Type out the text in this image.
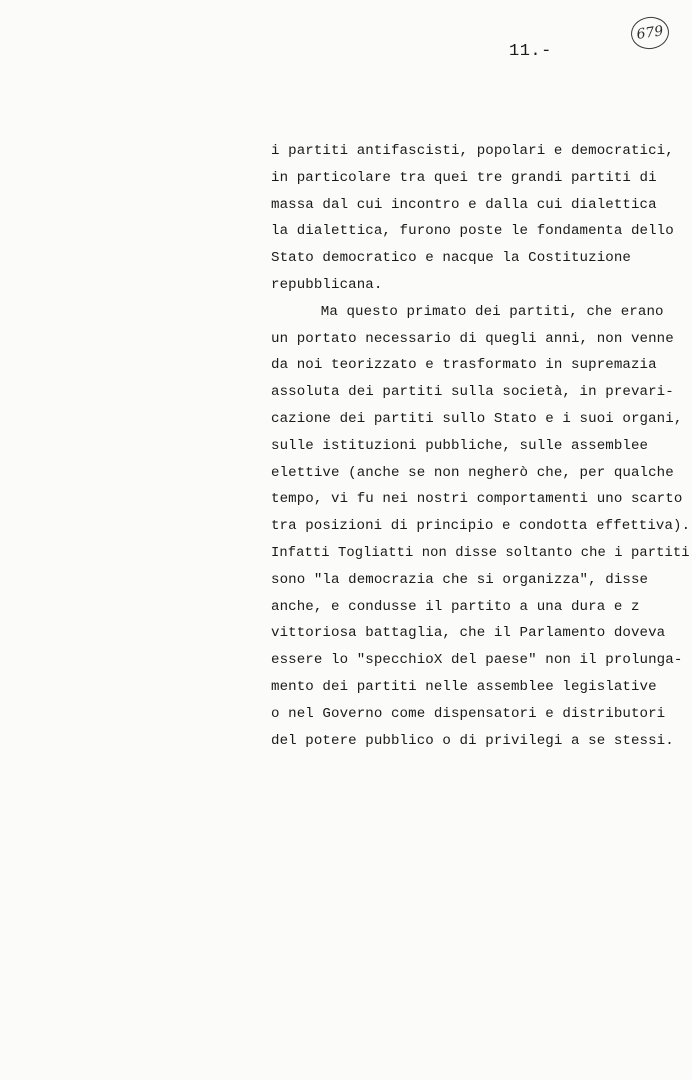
679
11.-
i partiti antifascisti, popolari e democratici,
in particolare tra quei tre grandi partiti di
massa dal cui incontro e dalla cui dialettica
la dialettica, furono poste le fondamenta dello
Stato democratico e nacque la Costituzione
repubblicana.
Ma questo primato dei partiti, che erano
un portato necessario di quegli anni, non venne
da noi teorizzato e trasformato in supremazia
assoluta dei partiti sulla società, in prevari-
cazione dei partiti sullo Stato e i suoi organi,
sulle istituzioni pubbliche, sulle assemblee
elettive (anche se non negherò che, per qualche
tempo, vi fu nei nostri comportamenti uno scarto
tra posizioni di principio e condotta effettiva).
Infatti Togliatti non disse soltanto che i partiti
sono "la democrazia che si organizza", disse
anche, e condusse il partito a una dura e z
vittoriosa battaglia, che il Parlamento doveva
essere lo "specchioX del paese" non il prolunga-
mento dei partiti nelle assemblee legislative
o nel Governo come dispensatori e distributori
del potere pubblico o di privilegi a se stessi.
